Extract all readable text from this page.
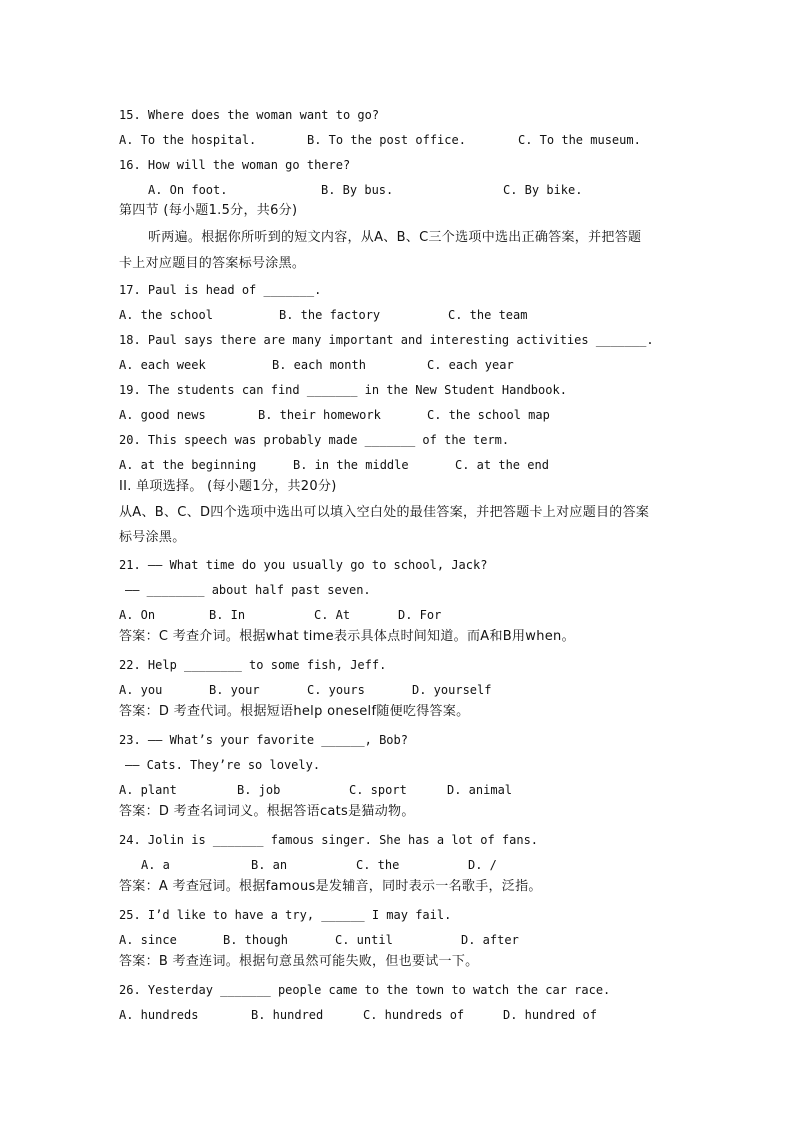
15. Where does the woman want to go?
A. To the hospital.	B. To the post office.	C. To the museum.
16. How will the woman go there?
A. On foot.	B. By bus.	C. By bike.
第四节 (每小题1.5分，共6分)
听两遍。根据你所听到的短文内容，从A、B、C三个选项中选出正确答案，并把答题
卡上对应题目的答案标号涂黑。
17. Paul is head of _______.
A. the school	B. the factory	C. the team
18. Paul says there are many important and interesting activities _______.
A. each week	B. each month	C. each year
19. The students can find _______ in the New Student Handbook.
A. good news	B. their homework	C. the school map
20. This speech was probably made _______ of the term.
A. at the beginning	B. in the middle	C. at the end
II. 单项选择。 (每小题1分，共20分)
从A、B、C、D四个选项中选出可以填入空白处的最佳答案，并把答题卡上对应题目的答案
标号涂黑。
21. —— What time do you usually go to school, Jack?
—— ________ about half past seven.
A. On	B. In	C. At	D. For
答案：C 考查介词。根据what time表示具体点时间知道。而A和B用when。
22. Help ________ to some fish, Jeff.
A. you	B. your	C. yours	D. yourself
答案：D 考查代词。根据短语help oneself随便吃得答案。
23. —— What’s your favorite ______, Bob?
—— Cats. They’re so lovely.
A. plant	B. job	C. sport	D. animal
答案：D 考查名词词义。根据答语cats是猫动物。
24. Jolin is _______ famous singer. She has a lot of fans.
A. a	B. an	C. the	D. /
答案：A 考查冠词。根据famous是发辅音，同时表示一名歌手，泛指。
25. I’d like to have a try, ______ I may fail.
A. since	B. though	C. until	D. after
答案：B 考查连词。根据句意虽然可能失败，但也要试一下。
26. Yesterday _______ people came to the town to watch the car race.
A. hundreds	B. hundred	C. hundreds of	D. hundred of
